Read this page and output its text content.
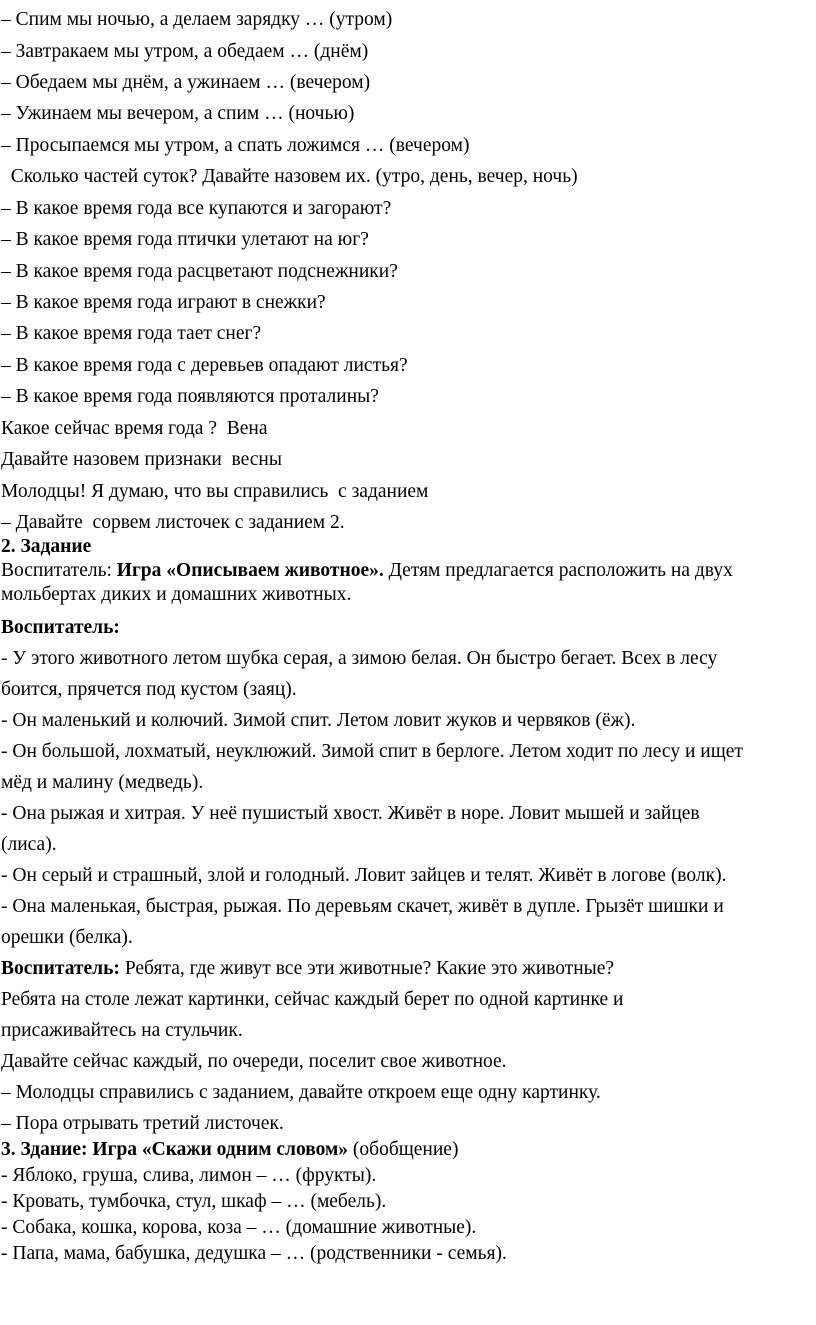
– Спим мы ночью, а делаем зарядку … (утром)
– Завтракаем мы утром, а обедаем … (днём)
– Обедаем мы днём, а ужинаем … (вечером)
– Ужинаем мы вечером, а спим … (ночью)
– Просыпаемся мы утром, а спать ложимся … (вечером)
Сколько частей суток? Давайте назовем их. (утро, день, вечер, ночь)
– В какое время года все купаются и загорают?
– В какое время года птички улетают на юг?
– В какое время года расцветают подснежники?
– В какое время года играют в снежки?
– В какое время года тает снег?
– В какое время года с деревьев опадают листья?
– В какое время года появляются проталины?
Какое сейчас время года ?  Вена
Давайте назовем признаки  весны
Молодцы! Я думаю, что вы справились  с заданием
– Давайте  сорвем листочек с заданием 2.
2. Задание
Воспитатель: Игра «Описываем животное». Детям предлагается расположить на двух
мольбертах диких и домашних животных.
Воспитатель:
- У этого животного летом шубка серая, а зимою белая. Он быстро бегает. Всех в лесу
боится, прячется под кустом (заяц).
- Он маленький и колючий. Зимой спит. Летом ловит жуков и червяков (ёж).
- Он большой, лохматый, неуклюжий. Зимой спит в берлоге. Летом ходит по лесу и ищет
мёд и малину (медведь).
- Она рыжая и хитрая. У неё пушистый хвост. Живёт в норе. Ловит мышей и зайцев
(лиса).
- Он серый и страшный, злой и голодный. Ловит зайцев и телят. Живёт в логове (волк).
- Она маленькая, быстрая, рыжая. По деревьям скачет, живёт в дупле. Грызёт шишки и
орешки (белка).
Воспитатель: Ребята, где живут все эти животные? Какие это животные?
Ребята на столе лежат картинки, сейчас каждый берет по одной картинке и
присаживайтесь на стульчик.
Давайте сейчас каждый, по очереди, поселит свое животное.
– Молодцы справились с заданием, давайте откроем еще одну картинку.
– Пора отрывать третий листочек.
3. Здание: Игра «Скажи одним словом» (обобщение)
- Яблоко, груша, слива, лимон – … (фрукты).
- Кровать, тумбочка, стул, шкаф – … (мебель).
- Собака, кошка, корова, коза – … (домашние животные).
- Папа, мама, бабушка, дедушка – … (родственники - семья).
